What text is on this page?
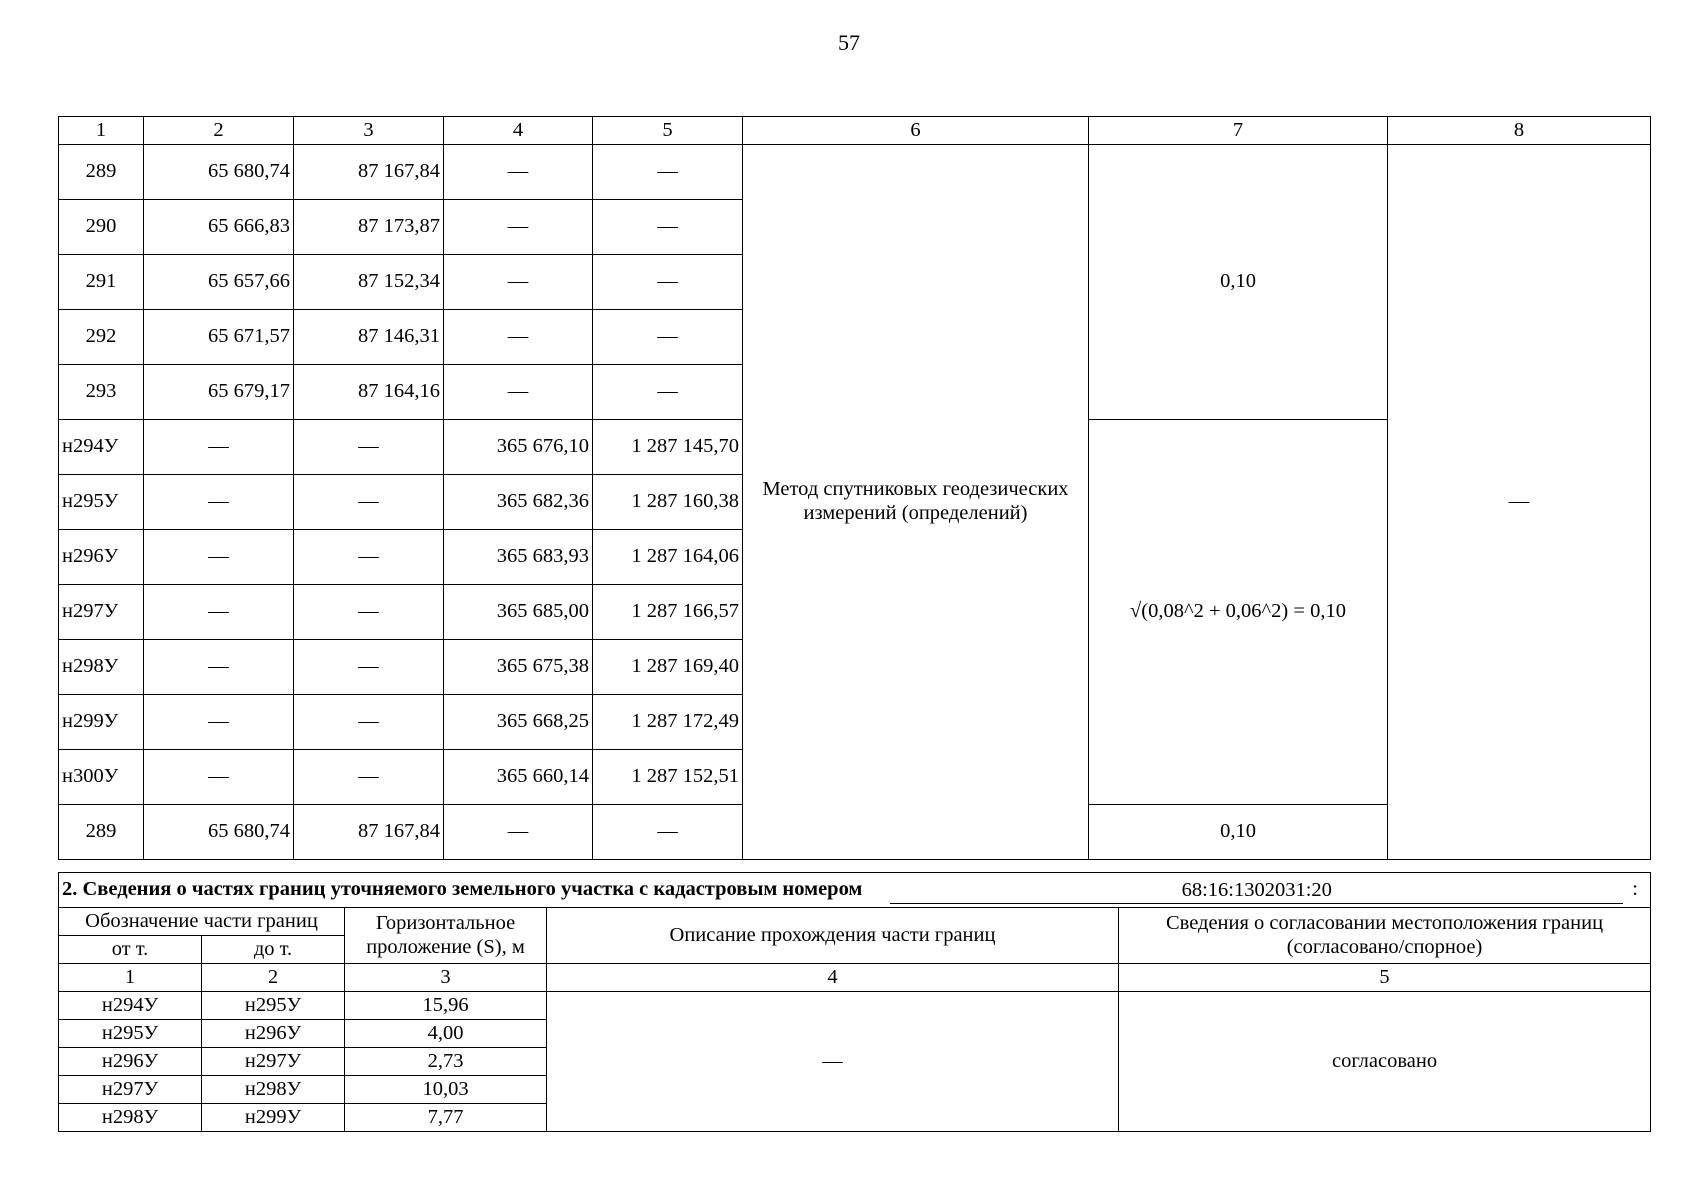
57
1	2	3	4	5	6	7	8
289	65 680,74	87 167,84	—	—	Метод спутниковых геодезических измерений (определений)	0,10	—
290	65 666,83	87 173,87	—	—			
291	65 657,66	87 152,34	—	—			
292	65 671,57	87 146,31	—	—			
293	65 679,17	87 164,16	—	—			
н294У	—	—	365 676,10	1 287 145,70		√(0,08^2 + 0,06^2) = 0,10	
н295У	—	—	365 682,36	1 287 160,38			
н296У	—	—	365 683,93	1 287 164,06			
н297У	—	—	365 685,00	1 287 166,57			
н298У	—	—	365 675,38	1 287 169,40			
н299У	—	—	365 668,25	1 287 172,49			
н300У	—	—	365 660,14	1 287 152,51			
289	65 680,74	87 167,84	—	—		0,10	
2. Сведения о частях границ уточняемого земельного участка с кадастровым номером 68:16:1302031:20 :				

Обозначение части границ		Горизонтальное проложение (S), м	Описание прохождения части границ	Сведения о согласовании местоположения границ (согласовано/спорное)
от т.	до т.			
1	2	3	4	5
н294У	н295У	15,96	—	согласовано
н295У	н296У	4,00		
н296У	н297У	2,73		
н297У	н298У	10,03		
н298У	н299У	7,77		
